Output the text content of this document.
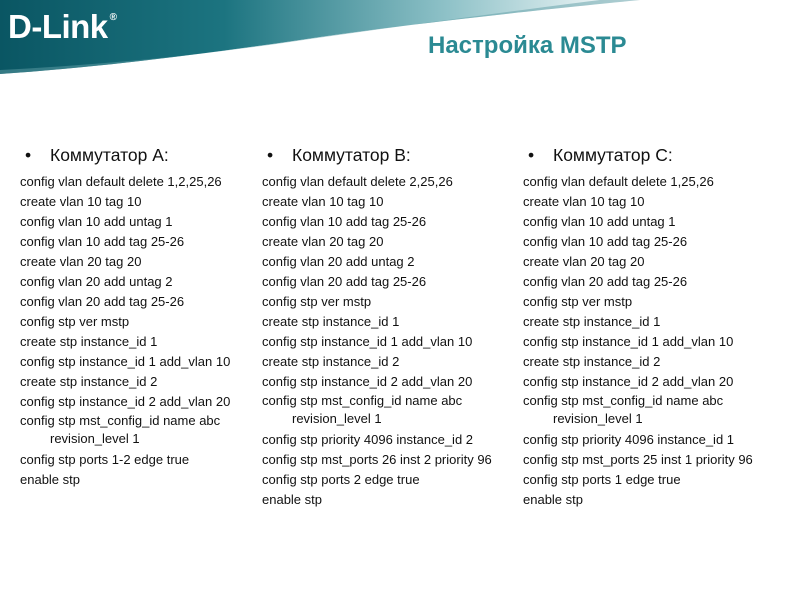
D-Link ®
Настройка MSTP
• Коммутатор A:
config vlan default delete 1,2,25,26
create vlan 10 tag 10
config vlan 10 add untag 1
config vlan 10 add tag 25-26
create vlan 20 tag 20
config vlan 20 add untag 2
config vlan 20 add tag 25-26
config stp ver mstp
create stp instance_id 1
config stp instance_id 1 add_vlan 10
create stp instance_id 2
config stp instance_id 2 add_vlan 20
config stp mst_config_id name abc
revision_level 1
config stp ports 1-2 edge true
enable stp
• Коммутатор B:
config vlan default delete 2,25,26
create vlan 10 tag 10
config vlan 10 add tag 25-26
create vlan 20 tag 20
config vlan 20 add untag 2
config vlan 20 add tag 25-26
config stp ver mstp
create stp instance_id 1
config stp instance_id 1 add_vlan 10
create stp instance_id 2
config stp instance_id 2 add_vlan 20
config stp mst_config_id name abc
revision_level 1
config stp priority 4096 instance_id 2
config stp mst_ports 26 inst 2 priority 96
config stp ports 2 edge true
enable stp
• Коммутатор C:
config vlan default delete 1,25,26
create vlan 10 tag 10
config vlan 10 add untag 1
config vlan 10 add tag 25-26
create vlan 20 tag 20
config vlan 20 add tag 25-26
config stp ver mstp
create stp instance_id 1
config stp instance_id 1 add_vlan 10
create stp instance_id 2
config stp instance_id 2 add_vlan 20
config stp mst_config_id name abc
revision_level 1
config stp priority 4096 instance_id 1
config stp mst_ports 25 inst 1 priority 96
config stp ports 1 edge true
enable stp
